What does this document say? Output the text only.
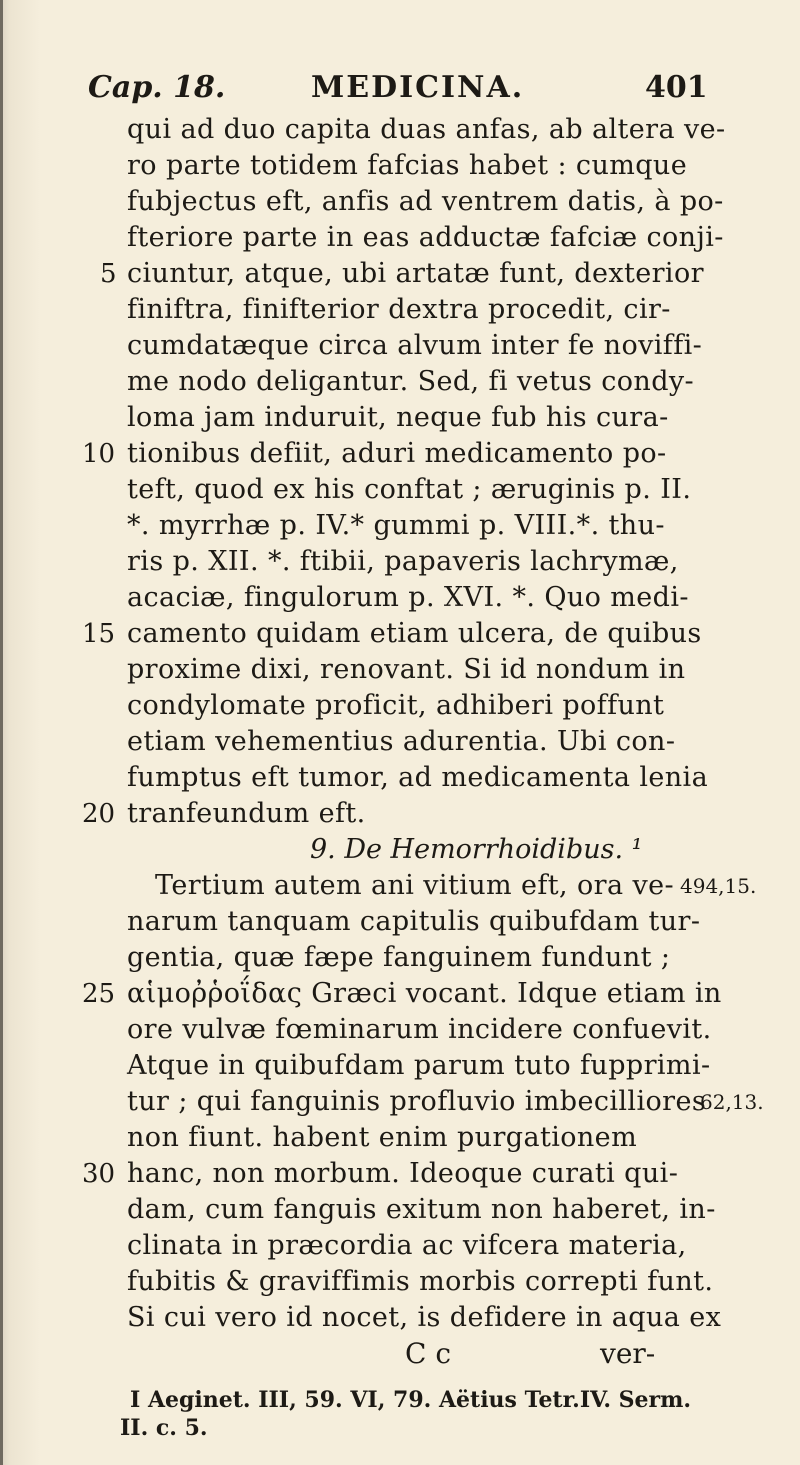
Cap. 18.	MEDICINA.	401
qui ad duo capita duas anfas, ab altera ve-
ro parte totidem fafcias habet : cumque
fubjectus eft, anfis ad ventrem datis, à po-
fteriore parte in eas adductæ fafciæ conji-
ciuntur, atque, ubi artatæ funt, dexterior
finiftra, finifterior dextra procedit, cir-
cumdatæque circa alvum inter fe noviffi-
me nodo deligantur. Sed, fi vetus condy-
loma jam induruit, neque fub his cura-
tionibus defiit, aduri medicamento po-
teft, quod ex his conftat ; æruginis p. II.
*. myrrhæ p. IV.* gummi p. VIII.*. thu-
ris p. XII. *. ftibii, papaveris lachrymæ,
acaciæ, fingulorum p. XVI. *. Quo medi-
camento quidam etiam ulcera, de quibus
proxime dixi, renovant. Si id nondum in
condylomate proficit, adhiberi poffunt
etiam vehementius adurentia. Ubi con-
fumptus eft tumor, ad medicamenta lenia
tranfeundum eft.
9. De Hemorrhoidibus. ¹
Tertium autem ani vitium eft, ora ve-
narum tanquam capitulis quibufdam tur-
gentia, quæ fæpe fanguinem fundunt ;
αἱμοῤῥοΐδας Græci vocant. Idque etiam in
ore vulvæ fœminarum incidere confuevit.
Atque in quibufdam parum tuto fupprimi-
tur ; qui fanguinis profluvio imbecilliores
non fiunt. habent enim purgationem
hanc, non morbum. Ideoque curati qui-
dam, cum fanguis exitum non haberet, in-
clinata in præcordia ac vifcera materia,
fubitis & graviffimis morbis correpti funt.
Si cui vero id nocet, is defidere in aqua ex
5
10
15
20
25
30
494,15.
62,13.
C c	ver-
I Aeginet. III, 59. VI, 79. Aëtius Tetr.IV. Serm.
II. c. 5.
